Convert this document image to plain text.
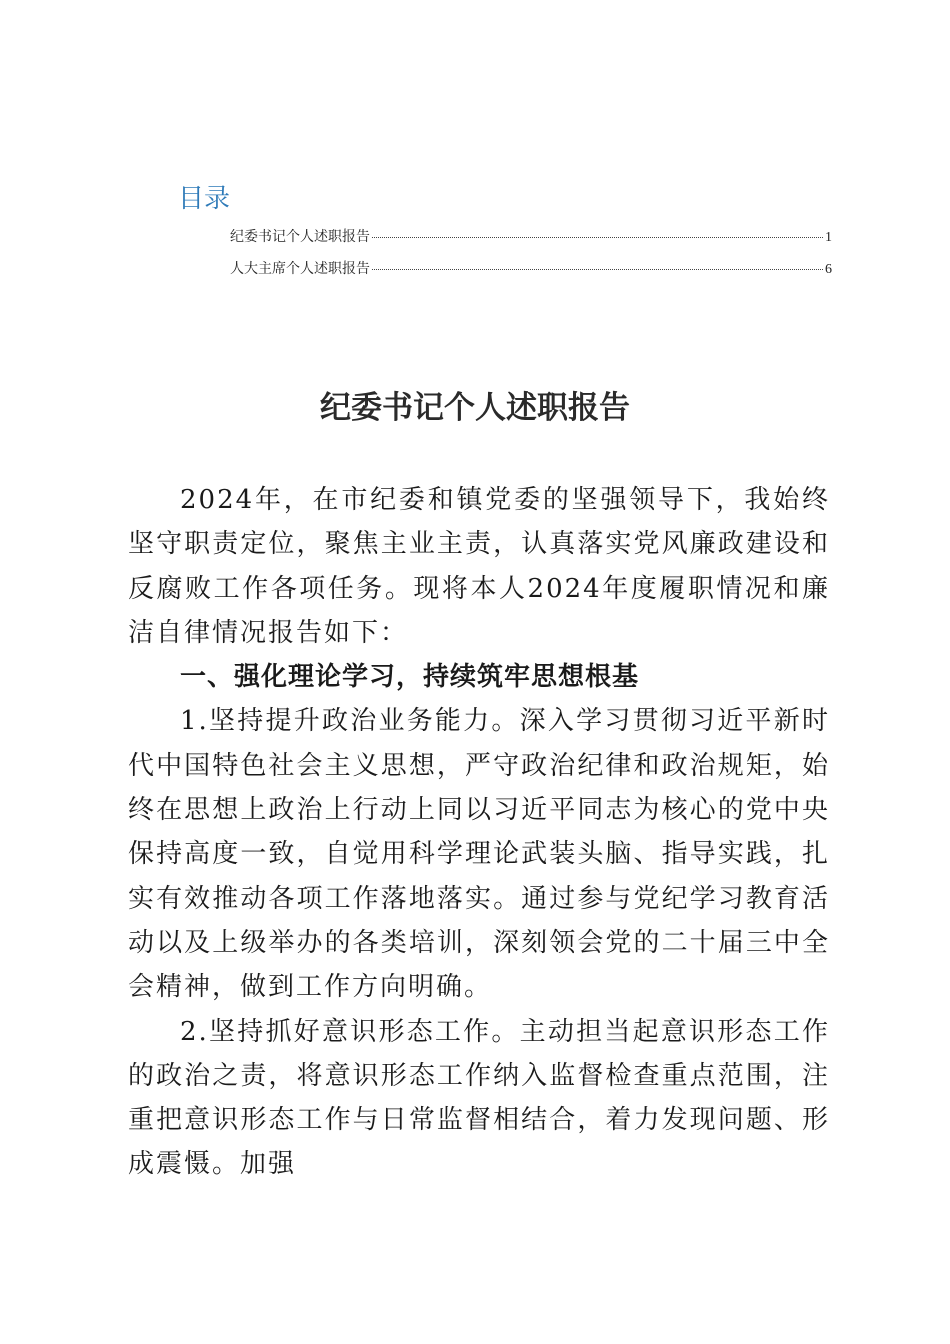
目录
纪委书记个人述职报告	1
人大主席个人述职报告	6
纪委书记个人述职报告

2024年，在市纪委和镇党委的坚强领导下，我始终坚守职责定位，聚焦主业主责，认真落实党风廉政建设和反腐败工作各项任务。现将本人2024年度履职情况和廉洁自律情况报告如下：

一、强化理论学习，持续筑牢思想根基

1.坚持提升政治业务能力。深入学习贯彻习近平新时代中国特色社会主义思想，严守政治纪律和政治规矩，始终在思想上政治上行动上同以习近平同志为核心的党中央保持高度一致，自觉用科学理论武装头脑、指导实践，扎实有效推动各项工作落地落实。通过参与党纪学习教育活动以及上级举办的各类培训，深刻领会党的二十届三中全会精神，做到工作方向明确。

2.坚持抓好意识形态工作。主动担当起意识形态工作的政治之责，将意识形态工作纳入监督检查重点范围，注重把意识形态工作与日常监督相结合，着力发现问题、形成震慑。加强
